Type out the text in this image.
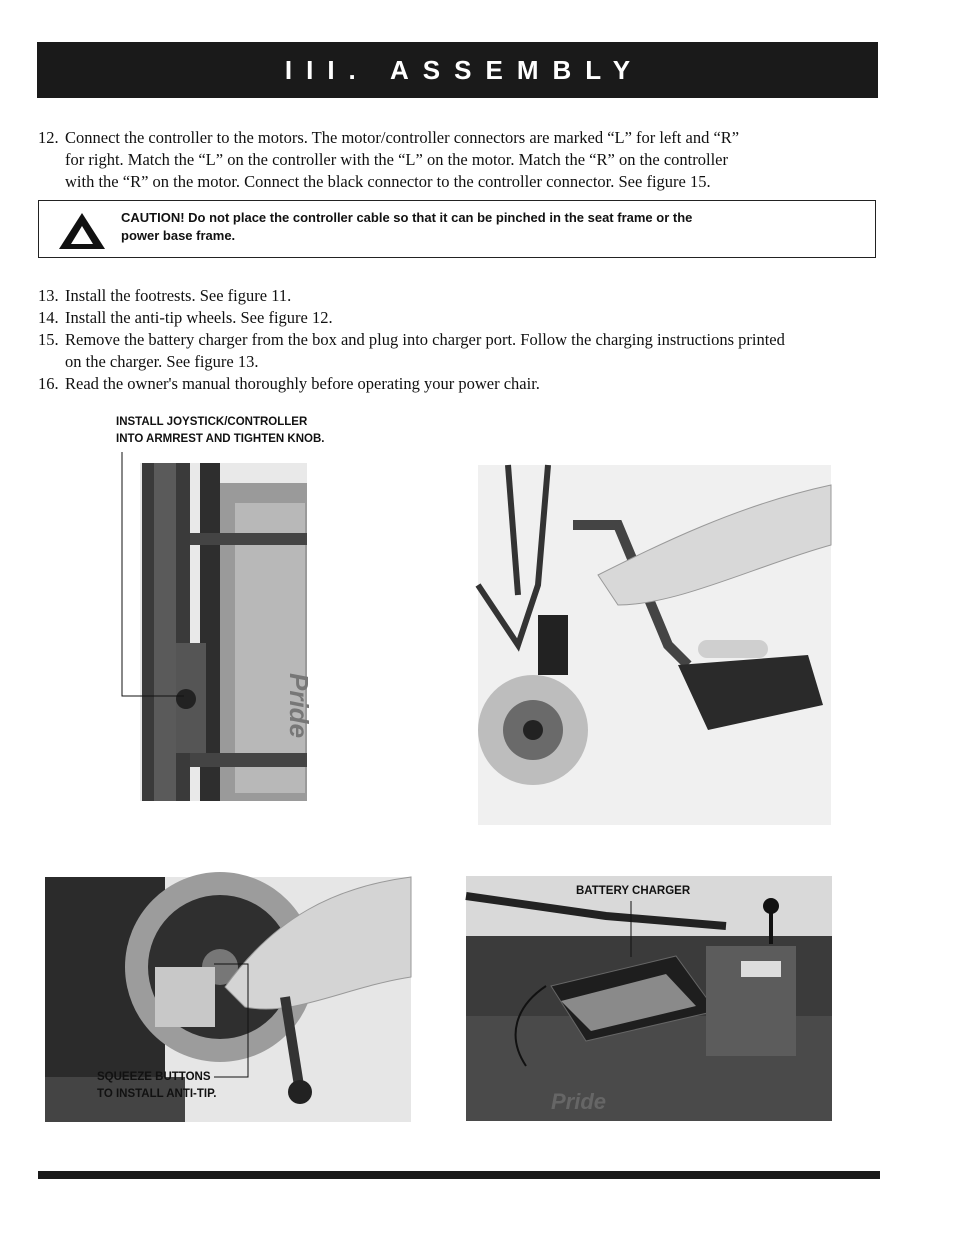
III. ASSEMBLY
12. Connect the controller to the motors. The motor/controller connectors are marked “L” for left and “R”
for right. Match the “L” on the controller with the “L” on the motor. Match the “R” on the controller
with the “R” on the motor. Connect the black connector to the controller connector. See figure 15.
CAUTION! Do not place the controller cable so that it can be pinched in the seat frame or the
power base frame.
13. Install the footrests. See figure 11.
14. Install the anti-tip wheels. See figure 12.
15. Remove the battery charger from the box and plug into charger port. Follow the charging instructions printed
on the charger. See figure 13.
16. Read the owner's manual thoroughly before operating your power chair.
INSTALL JOYSTICK/CONTROLLER
INTO ARMREST AND TIGHTEN KNOB.
Pride
SQUEEZE BUTTONS
TO INSTALL ANTI-TIP.	Pride
BATTERY CHARGER
